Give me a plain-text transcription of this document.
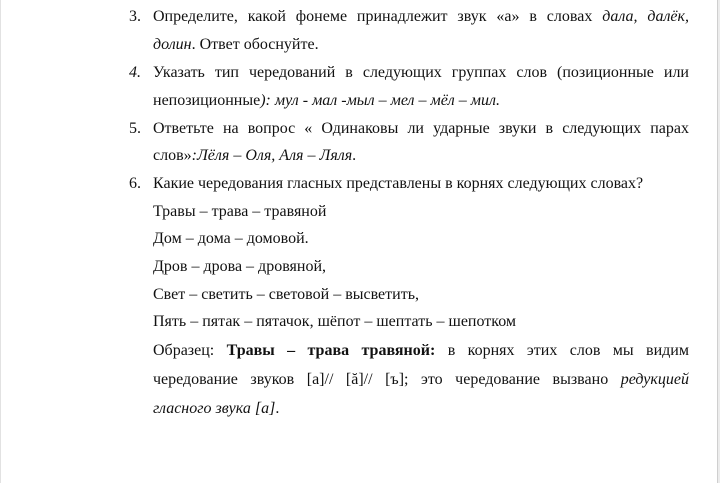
3. Определите, какой фонеме принадлежит звук «а» в словах дала, далёк,
долин. Ответ обоснуйте.
4. Указать тип чередований в следующих группах слов (позиционные или
непозиционные): мул - мал -мыл – мел – мёл – мил.
5. Ответьте на вопрос « Одинаковы ли ударные звуки в следующих парах
слов»:Лёля – Оля, Аля – Ляля.
6. Какие чередования гласных представлены в корнях следующих словах?
Травы – трава – травяной
Дом – дома – домовой.
Дров – дрова – дровяной,
Свет – светить – световой – высветить,
Пять – пятак – пятачок, шёпот – шептать – шепотком
Образец: Травы – трава травяной: в корнях этих слов мы видим
чередование звуков [а]// [ă]// [ъ]; это чередование вызвано редукцией
гласного звука [а].
